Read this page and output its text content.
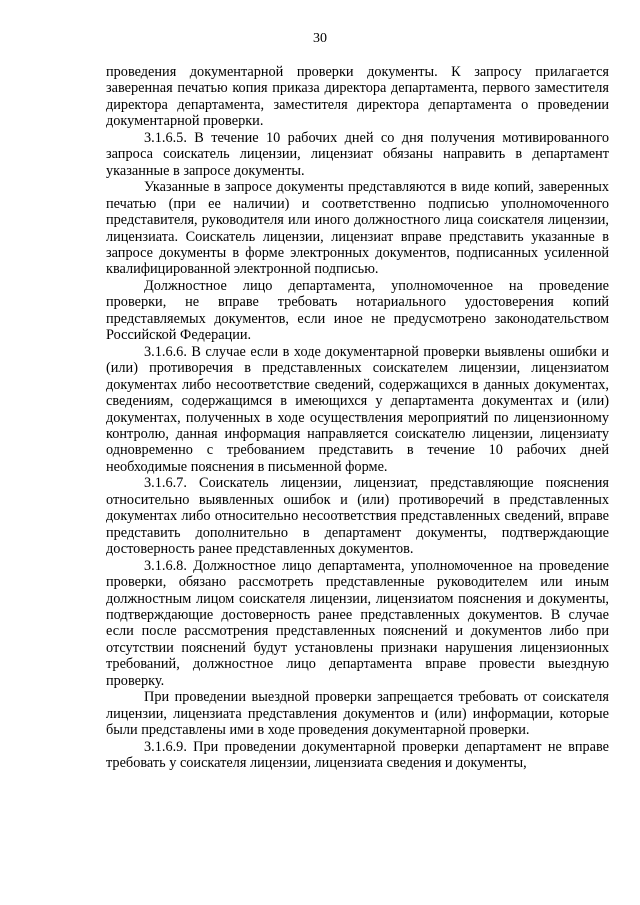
30

проведения документарной проверки документы. К запросу прилагается заверенная печатью копия приказа директора департамента, первого заместителя директора департамента, заместителя директора департамента о проведении документарной проверки.

3.1.6.5. В течение 10 рабочих дней со дня получения мотивированного запроса соискатель лицензии, лицензиат обязаны направить в департамент указанные в запросе документы.

Указанные в запросе документы представляются в виде копий, заверенных печатью (при ее наличии) и соответственно подписью уполномоченного представителя, руководителя или иного должностного лица соискателя лицензии, лицензиата. Соискатель лицензии, лицензиат вправе представить указанные в запросе документы в форме электронных документов, подписанных усиленной квалифицированной электронной подписью.

Должностное лицо департамента, уполномоченное на проведение проверки, не вправе требовать нотариального удостоверения копий представляемых документов, если иное не предусмотрено законодательством Российской Федерации.

3.1.6.6. В случае если в ходе документарной проверки выявлены ошибки и (или) противоречия в представленных соискателем лицензии, лицензиатом документах либо несоответствие сведений, содержащихся в данных документах, сведениям, содержащимся в имеющихся у департамента документах и (или) документах, полученных в ходе осуществления мероприятий по лицензионному контролю, данная информация направляется соискателю лицензии, лицензиату одновременно с требованием представить в течение 10 рабочих дней необходимые пояснения в письменной форме.

3.1.6.7. Соискатель лицензии, лицензиат, представляющие пояснения относительно выявленных ошибок и (или) противоречий в представленных документах либо относительно несоответствия представленных сведений, вправе представить дополнительно в департамент документы, подтверждающие достоверность ранее представленных документов.

3.1.6.8. Должностное лицо департамента, уполномоченное на проведение проверки, обязано рассмотреть представленные руководителем или иным должностным лицом соискателя лицензии, лицензиатом пояснения и документы, подтверждающие достоверность ранее представленных документов. В случае если после рассмотрения представленных пояснений и документов либо при отсутствии пояснений будут установлены признаки нарушения лицензионных требований, должностное лицо департамента вправе провести выездную проверку.

При проведении выездной проверки запрещается требовать от соискателя лицензии, лицензиата представления документов и (или) информации, которые были представлены ими в ходе проведения документарной проверки.

3.1.6.9. При проведении документарной проверки департамент не вправе требовать у соискателя лицензии, лицензиата сведения и документы,
